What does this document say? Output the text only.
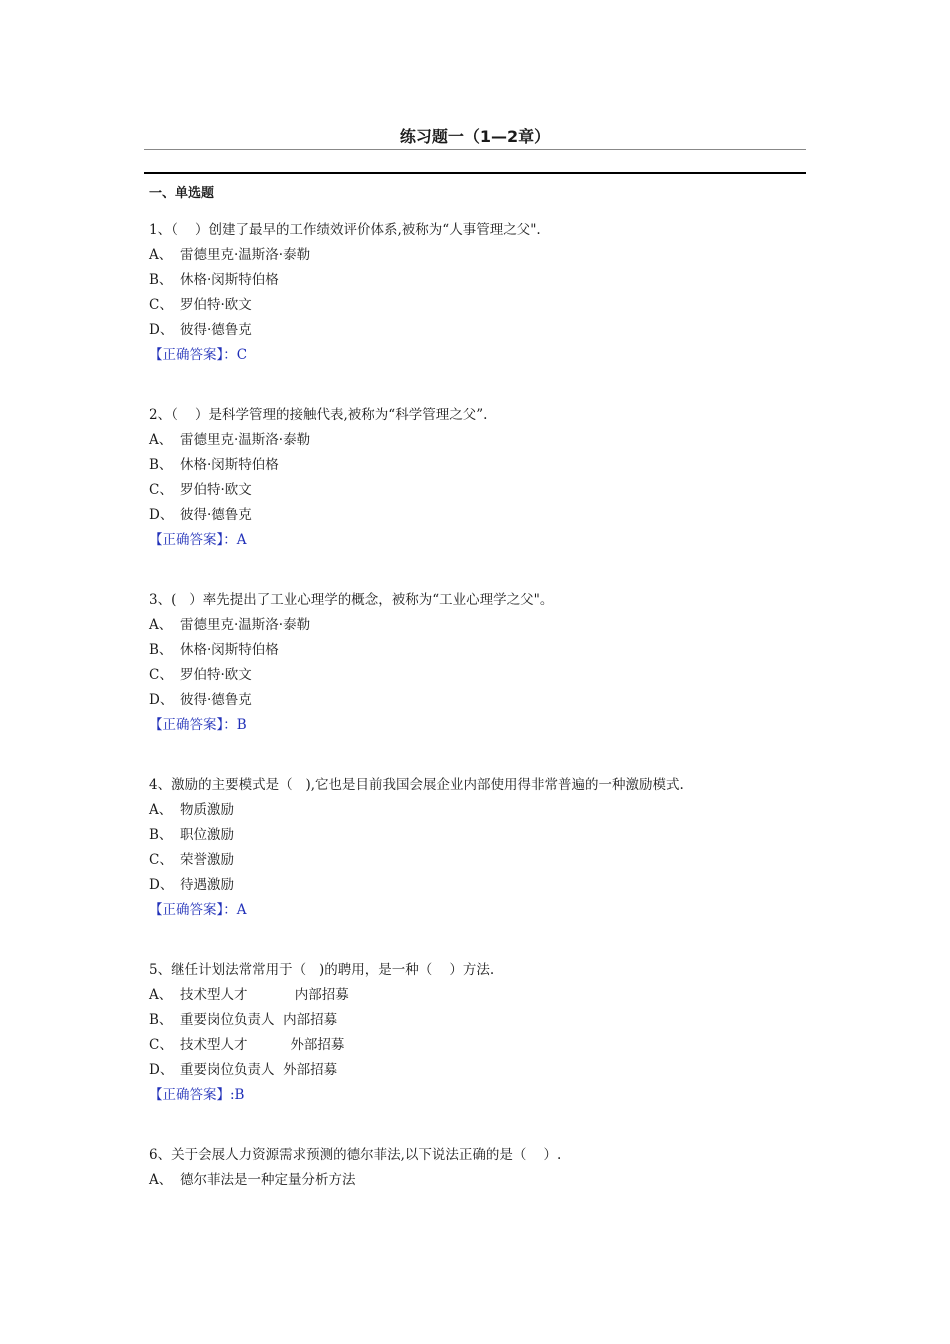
练习题一（1—2章）
一、单选题
1、（    ）创建了最早的工作绩效评价体系,被称为“人事管理之父".
A、 雷德里克·温斯洛·泰勒
B、 休格·闵斯特伯格
C、 罗伯特·欧文
D、 彼得·德鲁克
【正确答案】：C
2、（    ）是科学管理的接触代表,被称为“科学管理之父”.
A、 雷德里克·温斯洛·泰勒
B、 休格·闵斯特伯格
C、 罗伯特·欧文
D、 彼得·德鲁克
【正确答案】：A
3、(   ）率先提出了工业心理学的概念，被称为“工业心理学之父"。
A、 雷德里克·温斯洛·泰勒
B、 休格·闵斯特伯格
C、 罗伯特·欧文
D、 彼得·德鲁克
【正确答案】：B
4、激励的主要模式是（   ),它也是目前我国会展企业内部使用得非常普遍的一种激励模式.
A、 物质激励
B、 职位激励
C、 荣誉激励
D、 待遇激励
【正确答案】：A
5、继任计划法常常用于（   )的聘用，是一种（    ）方法.
A、 技术型人才           内部招募
B、 重要岗位负责人  内部招募
C、 技术型人才          外部招募
D、 重要岗位负责人  外部招募
【正确答案】:B
6、关于会展人力资源需求预测的德尔菲法,以下说法正确的是（    ）.
A、 德尔菲法是一种定量分析方法
